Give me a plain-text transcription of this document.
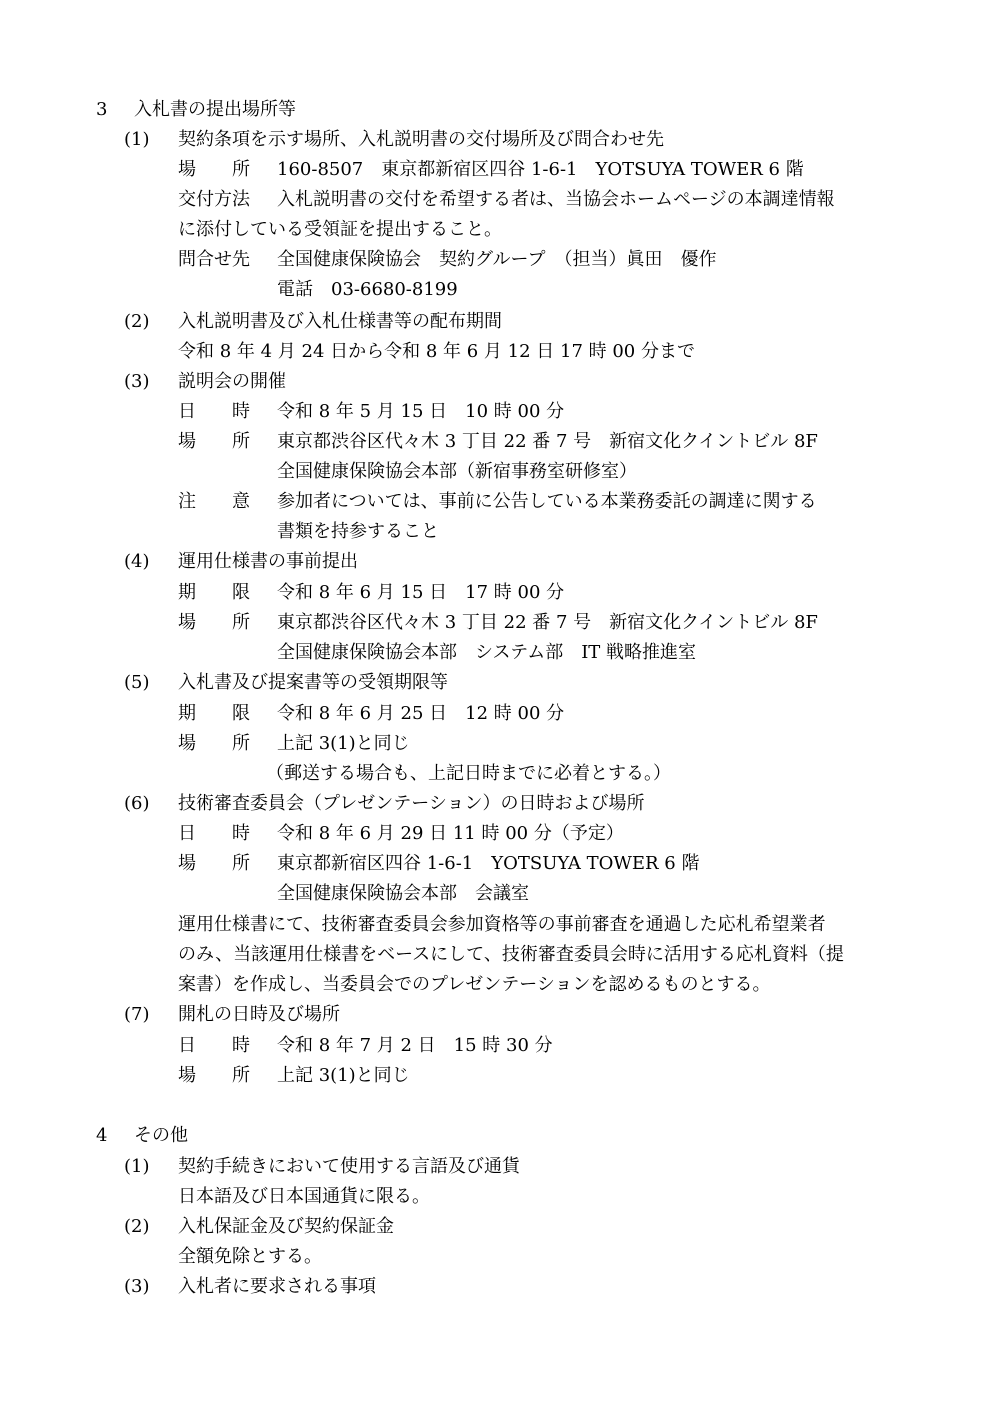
3 入札書の提出場所等
(1) 契約条項を示す場所、入札説明書の交付場所及び問合わせ先
場　　所 160-8507　東京都新宿区四谷 1-6-1　YOTSUYA TOWER 6 階
交付方法 入札説明書の交付を希望する者は、当協会ホームページの本調達情報
に添付している受領証を提出すること。
問合せ先 全国健康保険協会　契約グループ　（担当）眞田　優作
電話　03-6680-8199
(2) 入札説明書及び入札仕様書等の配布期間
令和 8 年 4 月 24 日から令和 8 年 6 月 12 日 17 時 00 分まで
(3) 説明会の開催
日　　時 令和 8 年 5 月 15 日　10 時 00 分
場　　所 東京都渋谷区代々木 3 丁目 22 番 7 号　新宿文化クイントビル 8F
全国健康保険協会本部（新宿事務室研修室）
注　　意 参加者については、事前に公告している本業務委託の調達に関する
書類を持参すること
(4) 運用仕様書の事前提出
期　　限 令和 8 年 6 月 15 日　17 時 00 分
場　　所 東京都渋谷区代々木 3 丁目 22 番 7 号　新宿文化クイントビル 8F
全国健康保険協会本部　システム部　IT 戦略推進室
(5) 入札書及び提案書等の受領期限等
期　　限 令和 8 年 6 月 25 日　12 時 00 分
場　　所 上記 3(1)と同じ
（郵送する場合も、上記日時までに必着とする。）
(6) 技術審査委員会（プレゼンテーション）の日時および場所
日　　時 令和 8 年 6 月 29 日 11 時 00 分（予定）
場　　所 東京都新宿区四谷 1-6-1　YOTSUYA TOWER 6 階
全国健康保険協会本部　会議室
運用仕様書にて、技術審査委員会参加資格等の事前審査を通過した応札希望業者
のみ、当該運用仕様書をベースにして、技術審査委員会時に活用する応札資料（提
案書）を作成し、当委員会でのプレゼンテーションを認めるものとする。
(7) 開札の日時及び場所
日　　時 令和 8 年 7 月 2 日　15 時 30 分
場　　所 上記 3(1)と同じ
4 その他
(1) 契約手続きにおいて使用する言語及び通貨
日本語及び日本国通貨に限る。
(2) 入札保証金及び契約保証金
全額免除とする。
(3) 入札者に要求される事項
